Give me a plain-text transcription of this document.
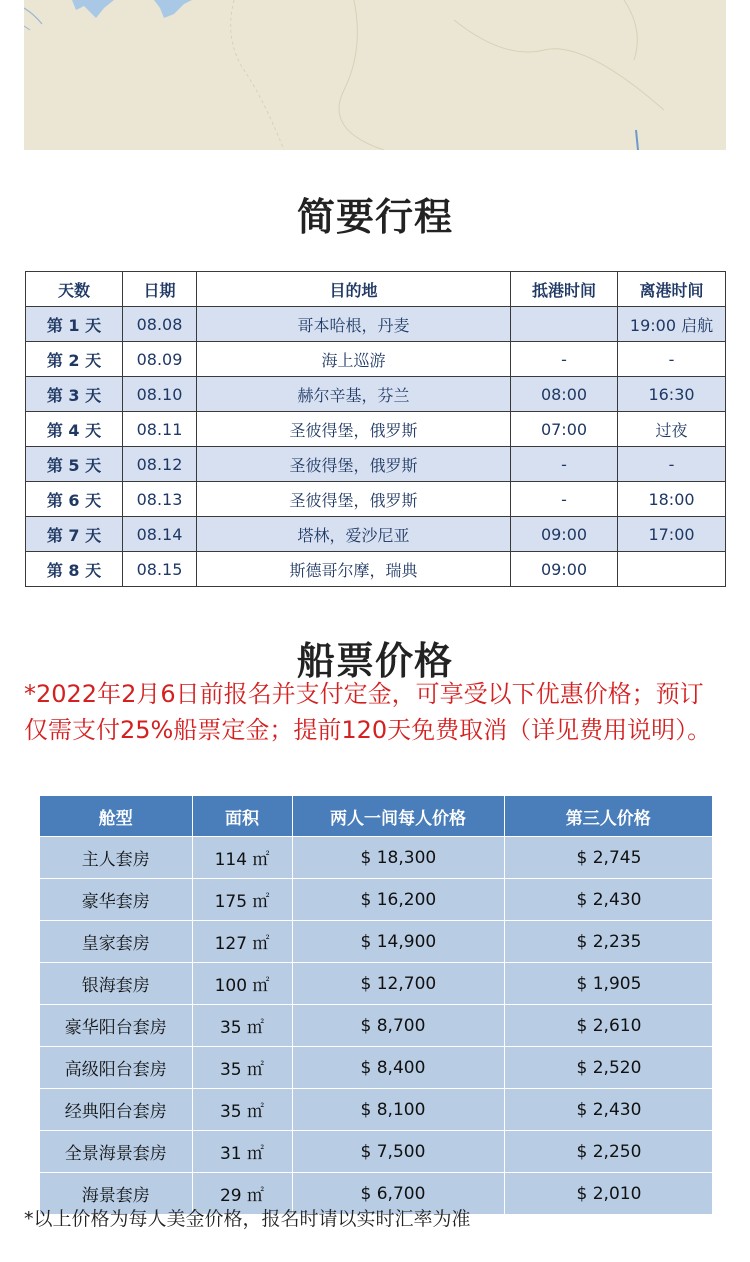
简要行程
天数	日期	目的地	抵港时间	离港时间
第 1 天	08.08	哥本哈根，丹麦		19:00 启航
第 2 天	08.09	海上巡游	-	-
第 3 天	08.10	赫尔辛基，芬兰	08:00	16:30
第 4 天	08.11	圣彼得堡，俄罗斯	07:00	过夜
第 5 天	08.12	圣彼得堡，俄罗斯	-	-
第 6 天	08.13	圣彼得堡，俄罗斯	-	18:00
第 7 天	08.14	塔林，爱沙尼亚	09:00	17:00
第 8 天	08.15	斯德哥尔摩，瑞典	09:00	
船票价格
*2022年2月6日前报名并支付定金，可享受以下优惠价格；预订仅需支付25%船票定金；提前120天免费取消（详见费用说明）。
舱型	面积	两人一间每人价格	第三人价格
主人套房	114 ㎡	$ 18,300	$ 2,745
豪华套房	175 ㎡	$ 16,200	$ 2,430
皇家套房	127 ㎡	$ 14,900	$ 2,235
银海套房	100 ㎡	$ 12,700	$ 1,905
豪华阳台套房	35 ㎡	$ 8,700	$ 2,610
高级阳台套房	35 ㎡	$ 8,400	$ 2,520
经典阳台套房	35 ㎡	$ 8,100	$ 2,430
全景海景套房	31 ㎡	$ 7,500	$ 2,250
海景套房	29 ㎡	$ 6,700	$ 2,010
*以上价格为每人美金价格，报名时请以实时汇率为准
